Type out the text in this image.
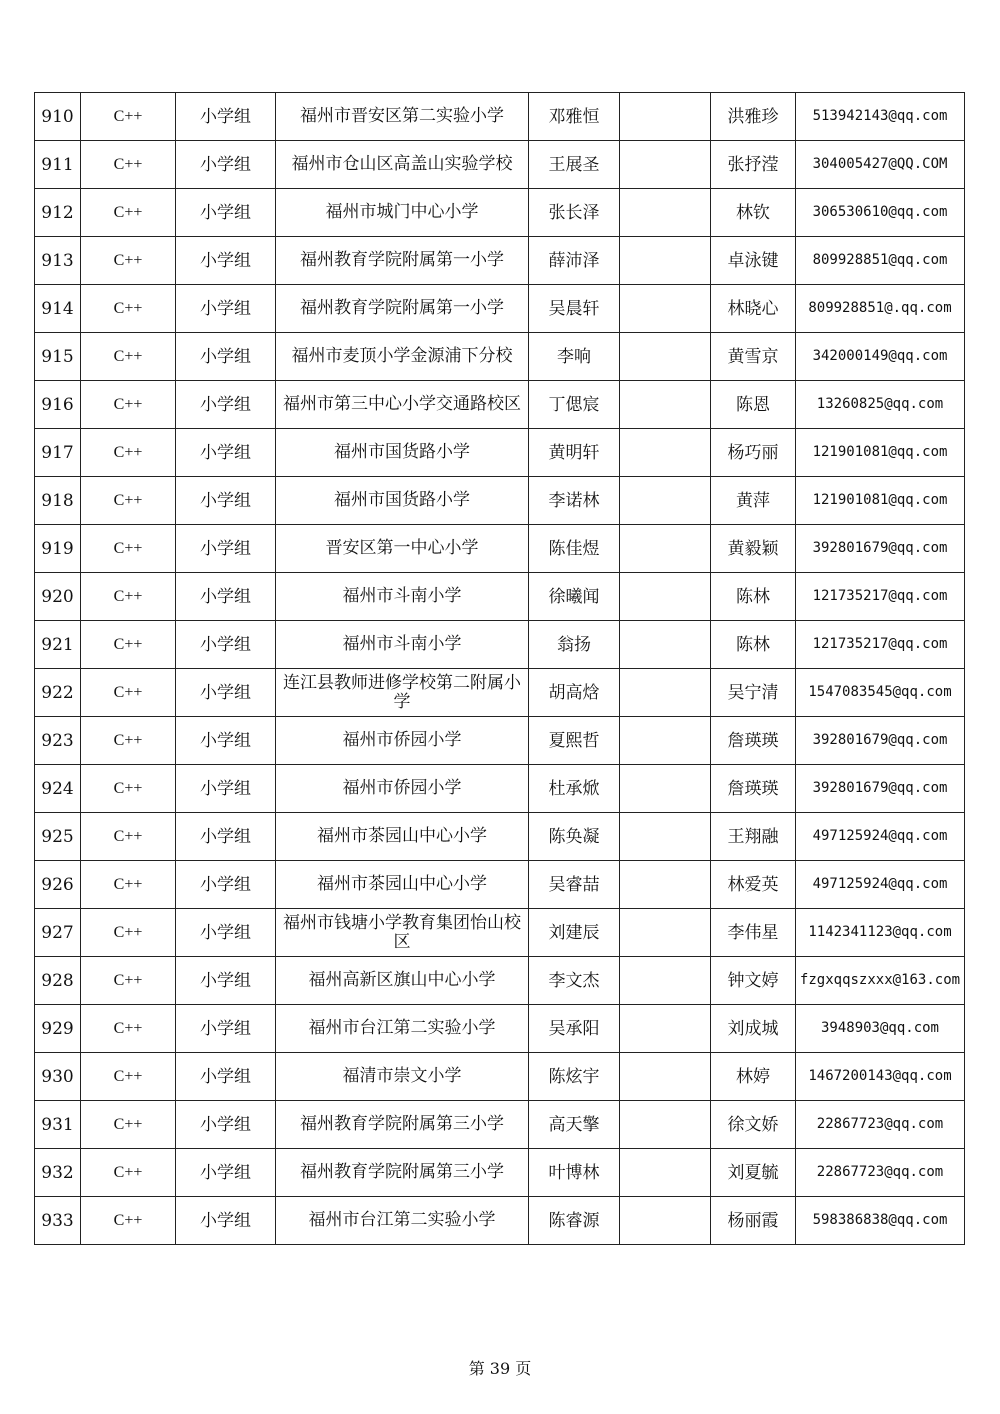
910	C++	小学组	福州市晋安区第二实验小学	邓雅恒		洪雅珍	513942143@qq.com
911	C++	小学组	福州市仓山区高盖山实验学校	王展圣		张抒滢	304005427@QQ.COM
912	C++	小学组	福州市城门中心小学	张长泽		林钦	306530610@qq.com
913	C++	小学组	福州教育学院附属第一小学	薛沛泽		卓泳键	809928851@qq.com
914	C++	小学组	福州教育学院附属第一小学	吴晨轩		林晓心	809928851@.qq.com
915	C++	小学组	福州市麦顶小学金源浦下分校	李响		黄雪京	342000149@qq.com
916	C++	小学组	福州市第三中心小学交通路校区	丁偲宸		陈恩	13260825@qq.com
917	C++	小学组	福州市国货路小学	黄明轩		杨巧丽	121901081@qq.com
918	C++	小学组	福州市国货路小学	李诺林		黄萍	121901081@qq.com
919	C++	小学组	晋安区第一中心小学	陈佳煜		黄毅颖	392801679@qq.com
920	C++	小学组	福州市斗南小学	徐曦闻		陈林	121735217@qq.com
921	C++	小学组	福州市斗南小学	翁扬		陈林	121735217@qq.com
922	C++	小学组	连江县教师进修学校第二附属小学	胡高焓		吴宁清	1547083545@qq.com
923	C++	小学组	福州市侨园小学	夏熙哲		詹瑛瑛	392801679@qq.com
924	C++	小学组	福州市侨园小学	杜承焮		詹瑛瑛	392801679@qq.com
925	C++	小学组	福州市茶园山中心小学	陈奂凝		王翔融	497125924@qq.com
926	C++	小学组	福州市茶园山中心小学	吴睿喆		林爱英	497125924@qq.com
927	C++	小学组	福州市钱塘小学教育集团怡山校区	刘建辰		李伟星	1142341123@qq.com
928	C++	小学组	福州高新区旗山中心小学	李文杰		钟文婷	fzgxqqszxxx@163.com
929	C++	小学组	福州市台江第二实验小学	吴承阳		刘成城	3948903@qq.com
930	C++	小学组	福清市崇文小学	陈炫宇		林婷	1467200143@qq.com
931	C++	小学组	福州教育学院附属第三小学	高天擎		徐文娇	22867723@qq.com
932	C++	小学组	福州教育学院附属第三小学	叶博林		刘夏毓	22867723@qq.com
933	C++	小学组	福州市台江第二实验小学	陈睿源		杨丽霞	598386838@qq.com
第 39 页
